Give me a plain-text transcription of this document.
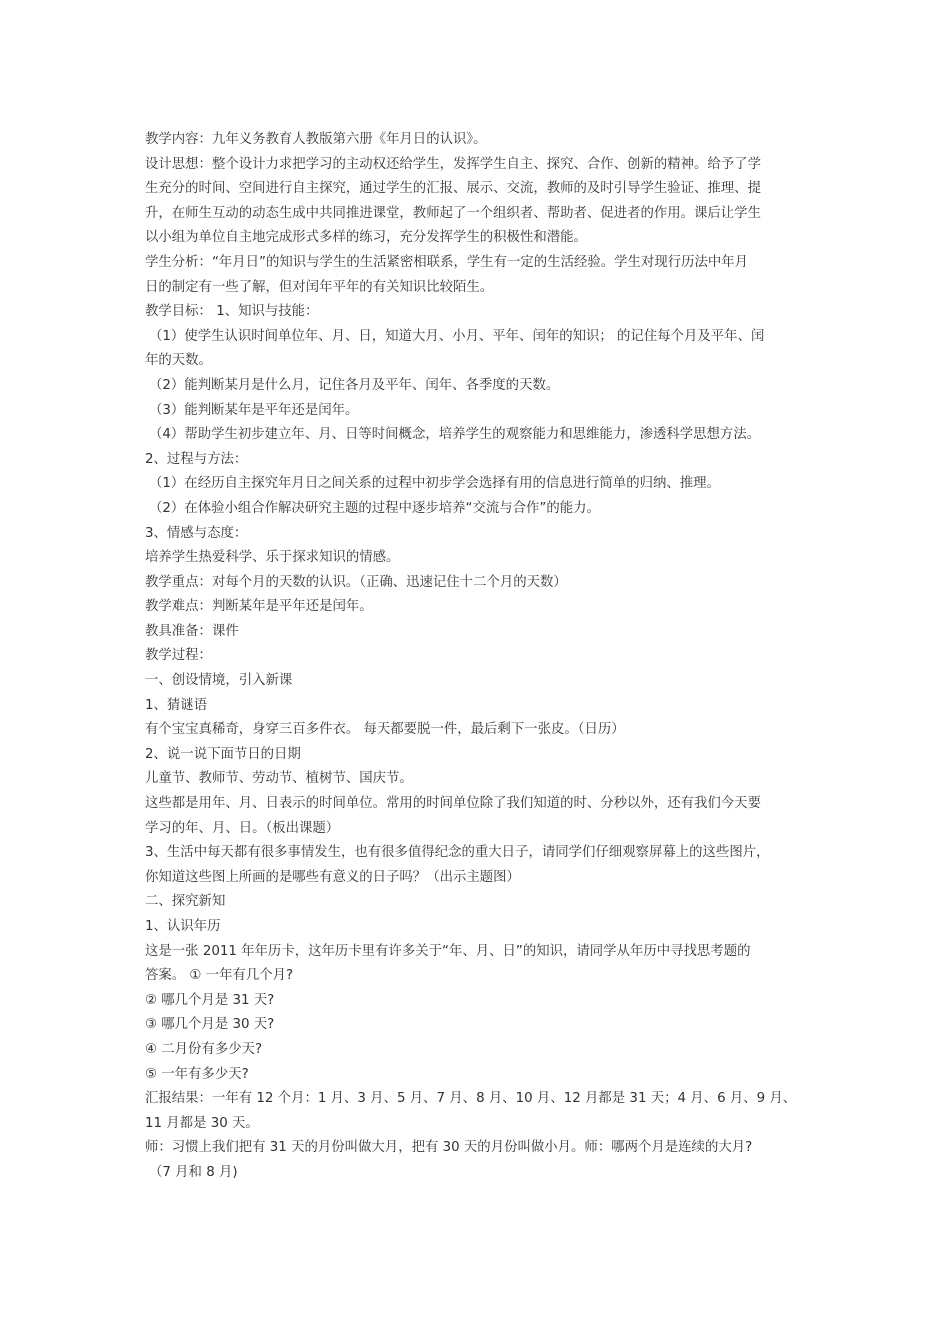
教学内容：九年义务教育人教版第六册《年月日的认识》。

设计思想：整个设计力求把学习的主动权还给学生，发挥学生自主、探究、合作、创新的精神。给予了学

生充分的时间、空间进行自主探究，通过学生的汇报、展示、交流，教师的及时引导学生验证、推理、提

升，在师生互动的动态生成中共同推进课堂，教师起了一个组织者、帮助者、促进者的作用。课后让学生

以小组为单位自主地完成形式多样的练习，充分发挥学生的积极性和潜能。

学生分析：“年月日”的知识与学生的生活紧密相联系，学生有一定的生活经验。学生对现行历法中年月

日的制定有一些了解，但对闰年平年的有关知识比较陌生。

教学目标： 1、知识与技能：

（1）使学生认识时间单位年、月、日，知道大月、小月、平年、闰年的知识； 的记住每个月及平年、闰

年的天数。

（2）能判断某月是什么月，记住各月及平年、闰年、各季度的天数。

（3）能判断某年是平年还是闰年。

（4）帮助学生初步建立年、月、日等时间概念，培养学生的观察能力和思维能力，渗透科学思想方法。

2、过程与方法：

（1）在经历自主探究年月日之间关系的过程中初步学会选择有用的信息进行简单的归纳、推理。

（2）在体验小组合作解决研究主题的过程中逐步培养“交流与合作”的能力。

3、情感与态度：

培养学生热爱科学、乐于探求知识的情感。

教学重点：对每个月的天数的认识。（正确、迅速记住十二个月的天数）

教学难点：判断某年是平年还是闰年。

教具准备：课件

教学过程：

一、创设情境，引入新课

1、猜谜语

有个宝宝真稀奇，身穿三百多件衣。 每天都要脱一件，最后剩下一张皮。（日历）

2、说一说下面节日的日期

儿童节、教师节、劳动节、植树节、国庆节。

这些都是用年、月、日表示的时间单位。常用的时间单位除了我们知道的时、分秒以外，还有我们今天要

学习的年、月、日。（板出课题）

3、生活中每天都有很多事情发生，也有很多值得纪念的重大日子，请同学们仔细观察屏幕上的这些图片，

你知道这些图上所画的是哪些有意义的日子吗？（出示主题图）

二、探究新知

1、认识年历

这是一张 2011 年年历卡，这年历卡里有许多关于“年、月、日”的知识，请同学从年历中寻找思考题的

答案。 ① 一年有几个月?

② 哪几个月是 31 天?

③ 哪几个月是 30 天?

④ 二月份有多少天?

⑤ 一年有多少天?

汇报结果：一年有 12 个月：1 月、3 月、5 月、7 月、8 月、10 月、12 月都是 31 天；4 月、6 月、9 月、

11 月都是 30 天。

师：习惯上我们把有 31 天的月份叫做大月，把有 30 天的月份叫做小月。师：哪两个月是连续的大月?

（7 月和 8 月)
